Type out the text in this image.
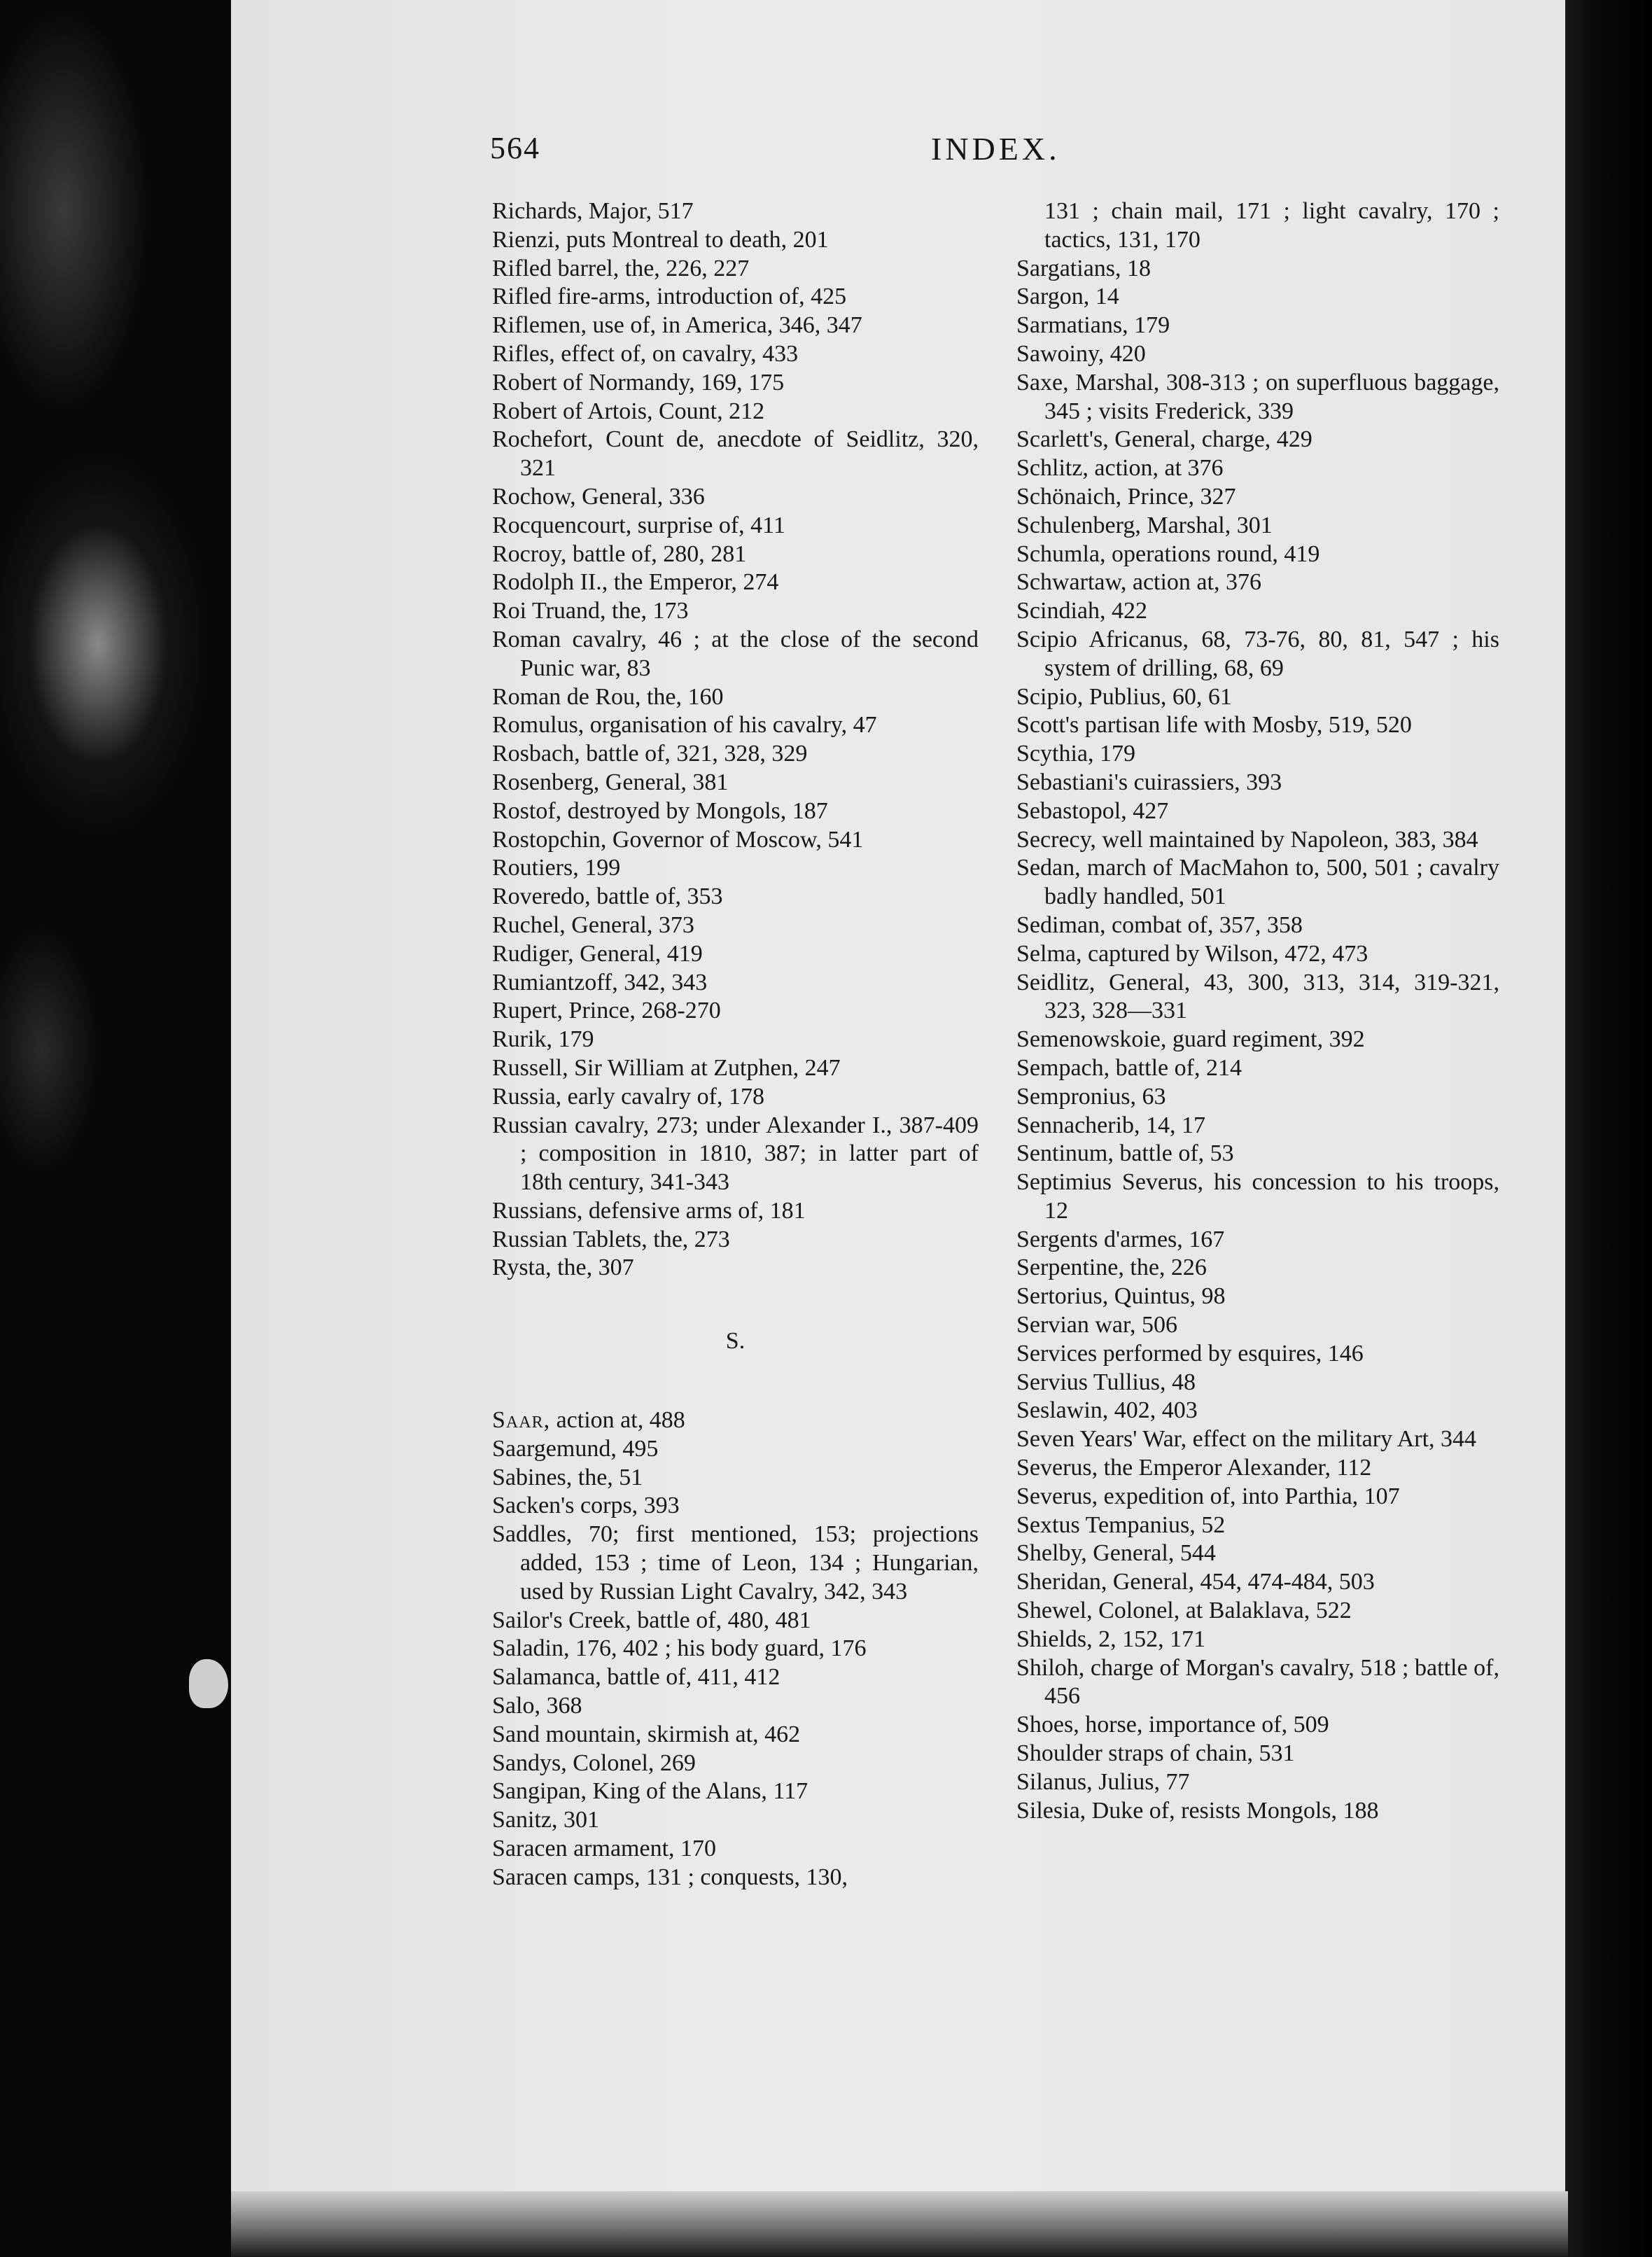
564	INDEX.

Richards, Major, 517

Rienzi, puts Montreal to death, 201

Rifled barrel, the, 226, 227

Rifled fire-arms, introduction of, 425

Riflemen, use of, in America, 346, 347

Rifles, effect of, on cavalry, 433

Robert of Normandy, 169, 175

Robert of Artois, Count, 212

Rochefort, Count de, anecdote of Seidlitz, 320, 321

Rochow, General, 336

Rocquencourt, surprise of, 411

Rocroy, battle of, 280, 281

Rodolph II., the Emperor, 274

Roi Truand, the, 173

Roman cavalry, 46 ; at the close of the second Punic war, 83

Roman de Rou, the, 160

Romulus, organisation of his cavalry, 47

Rosbach, battle of, 321, 328, 329

Rosenberg, General, 381

Rostof, destroyed by Mongols, 187

Rostopchin, Governor of Moscow, 541

Routiers, 199

Roveredo, battle of, 353

Ruchel, General, 373

Rudiger, General, 419

Rumiantzoff, 342, 343

Rupert, Prince, 268-270

Rurik, 179

Russell, Sir William at Zutphen, 247

Russia, early cavalry of, 178

Russian cavalry, 273; under Alexander I., 387-409 ; composition in 1810, 387; in latter part of 18th century, 341-343

Russians, defensive arms of, 181

Russian Tablets, the, 273

Rysta, the, 307

S.

Saar, action at, 488

Saargemund, 495

Sabines, the, 51

Sacken's corps, 393

Saddles, 70; first mentioned, 153; projections added, 153 ; time of Leon, 134 ; Hungarian, used by Russian Light Cavalry, 342, 343

Sailor's Creek, battle of, 480, 481

Saladin, 176, 402 ; his body guard, 176

Salamanca, battle of, 411, 412

Salo, 368

Sand mountain, skirmish at, 462

Sandys, Colonel, 269

Sangipan, King of the Alans, 117

Sanitz, 301

Saracen armament, 170

Saracen camps, 131 ; conquests, 130,

131 ; chain mail, 171 ; light cavalry, 170 ; tactics, 131, 170

Sargatians, 18

Sargon, 14

Sarmatians, 179

Sawoiny, 420

Saxe, Marshal, 308-313 ; on superfluous baggage, 345 ; visits Frederick, 339

Scarlett's, General, charge, 429

Schlitz, action, at 376

Schönaich, Prince, 327

Schulenberg, Marshal, 301

Schumla, operations round, 419

Schwartaw, action at, 376

Scindiah, 422

Scipio Africanus, 68, 73-76, 80, 81, 547 ; his system of drilling, 68, 69

Scipio, Publius, 60, 61

Scott's partisan life with Mosby, 519, 520

Scythia, 179

Sebastiani's cuirassiers, 393

Sebastopol, 427

Secrecy, well maintained by Napoleon, 383, 384

Sedan, march of MacMahon to, 500, 501 ; cavalry badly handled, 501

Sediman, combat of, 357, 358

Selma, captured by Wilson, 472, 473

Seidlitz, General, 43, 300, 313, 314, 319-321, 323, 328—331

Semenowskoie, guard regiment, 392

Sempach, battle of, 214

Sempronius, 63

Sennacherib, 14, 17

Sentinum, battle of, 53

Septimius Severus, his concession to his troops, 12

Sergents d'armes, 167

Serpentine, the, 226

Sertorius, Quintus, 98

Servian war, 506

Services performed by esquires, 146

Servius Tullius, 48

Seslawin, 402, 403

Seven Years' War, effect on the military Art, 344

Severus, the Emperor Alexander, 112

Severus, expedition of, into Parthia, 107

Sextus Tempanius, 52

Shelby, General, 544

Sheridan, General, 454, 474-484, 503

Shewel, Colonel, at Balaklava, 522

Shields, 2, 152, 171

Shiloh, charge of Morgan's cavalry, 518 ; battle of, 456

Shoes, horse, importance of, 509

Shoulder straps of chain, 531

Silanus, Julius, 77

Silesia, Duke of, resists Mongols, 188
